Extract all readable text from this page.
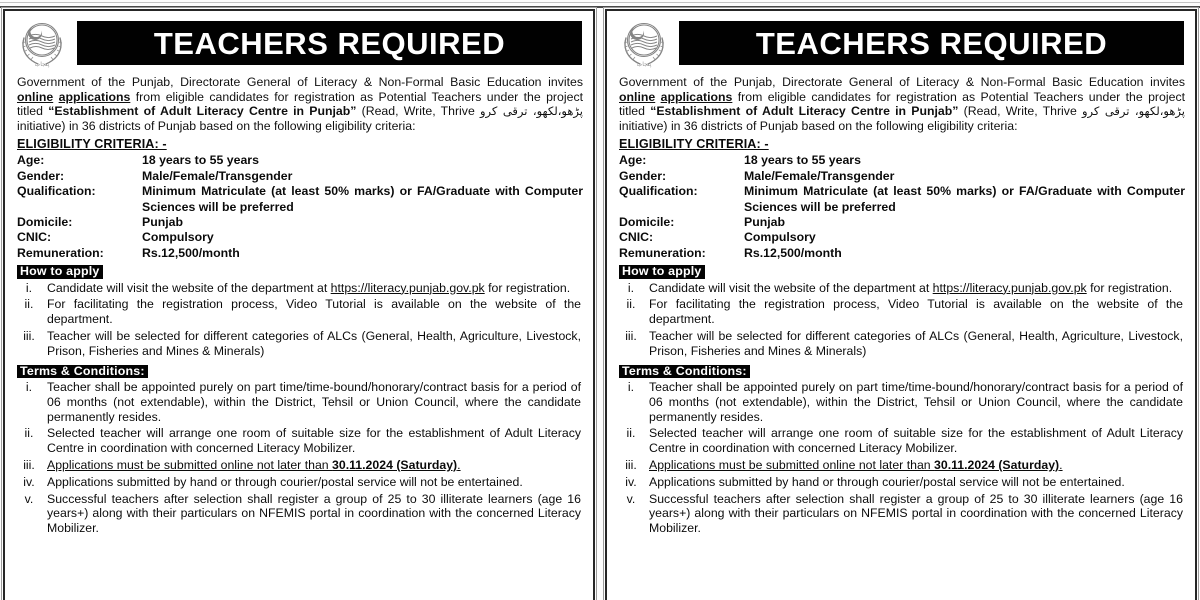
پنجاب
TEACHERS REQUIRED
Government of the Punjab, Directorate General of Literacy & Non-Formal Basic Education invites online applications from eligible candidates for registration as Potential Teachers under the project titled “Establishment of Adult Literacy Centre in Punjab” (Read, Write, Thrive پڑھو،لکھو، ترقی کرو initiative) in 36 districts of Punjab based on the following eligibility criteria:
ELIGIBILITY CRITERIA: -
Age:	18 years to 55 years
Gender:	Male/Female/Transgender
Qualification:	Minimum Matriculate (at least 50% marks) or FA/Graduate with Computer Sciences will be preferred
Domicile:	Punjab
CNIC:	Compulsory
Remuneration:	Rs.12,500/month
How to apply
i.	Candidate will visit the website of the department at https://literacy.punjab.gov.pk for registration.
ii.	For facilitating the registration process, Video Tutorial is available on the website of the department.
iii. Teacher will be selected for different categories of ALCs (General, Health, Agriculture, Livestock, Prison, Fisheries and Mines & Minerals)
Terms & Conditions:
i.	Teacher shall be appointed purely on part time/time-bound/honorary/contract basis for a period of 06 months (not extendable), within the District, Tehsil or Union Council, where the candidate permanently resides.
ii.	Selected teacher will arrange one room of suitable size for the establishment of Adult Literacy Centre in coordination with concerned Literacy Mobilizer.
iii. Applications must be submitted online not later than 30.11.2024 (Saturday).
iv.	Applications submitted by hand or through courier/postal service will not be entertained.
v.	Successful teachers after selection shall register a group of 25 to 30 illiterate learners (age 16 years+) along with their particulars on NFEMIS portal in coordination with the concerned Literacy Mobilizer.
پنجاب
TEACHERS REQUIRED
Government of the Punjab, Directorate General of Literacy & Non-Formal Basic Education invites online applications from eligible candidates for registration as Potential Teachers under the project titled “Establishment of Adult Literacy Centre in Punjab” (Read, Write, Thrive پڑھو،لکھو، ترقی کرو initiative) in 36 districts of Punjab based on the following eligibility criteria:
ELIGIBILITY CRITERIA: -
Age:	18 years to 55 years
Gender:	Male/Female/Transgender
Qualification:	Minimum Matriculate (at least 50% marks) or FA/Graduate with Computer Sciences will be preferred
Domicile:	Punjab
CNIC:	Compulsory
Remuneration:	Rs.12,500/month
How to apply
i.	Candidate will visit the website of the department at https://literacy.punjab.gov.pk for registration.
ii.	For facilitating the registration process, Video Tutorial is available on the website of the department.
iii. Teacher will be selected for different categories of ALCs (General, Health, Agriculture, Livestock, Prison, Fisheries and Mines & Minerals)
Terms & Conditions:
i.	Teacher shall be appointed purely on part time/time-bound/honorary/contract basis for a period of 06 months (not extendable), within the District, Tehsil or Union Council, where the candidate permanently resides.
ii.	Selected teacher will arrange one room of suitable size for the establishment of Adult Literacy Centre in coordination with concerned Literacy Mobilizer.
iii. Applications must be submitted online not later than 30.11.2024 (Saturday).
iv.	Applications submitted by hand or through courier/postal service will not be entertained.
v.	Successful teachers after selection shall register a group of 25 to 30 illiterate learners (age 16 years+) along with their particulars on NFEMIS portal in coordination with the concerned Literacy Mobilizer.
